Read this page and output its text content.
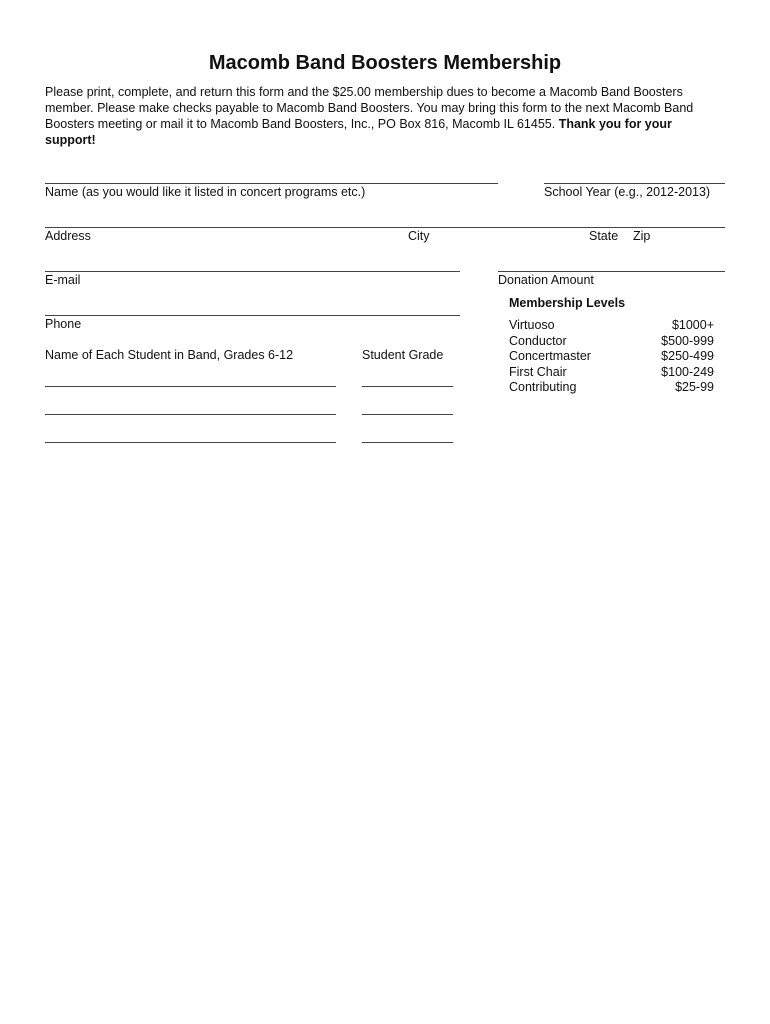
Macomb Band Boosters Membership

Please print, complete, and return this form and the $25.00 membership dues to become a Macomb Band Boosters member. Please make checks payable to Macomb Band Boosters. You may bring this form to the next Macomb Band Boosters meeting or mail it to Macomb Band Boosters, Inc., PO Box 816, Macomb IL 61455. Thank you for your support!

Name (as you would like it listed in concert programs etc.)	School Year (e.g., 2012-2013)
Address	City	State Zip
E-mail	Donation Amount
Membership Levels
Virtuoso	$1000+
Conductor	$500-999
Concertmaster	$250-499
First Chair	$100-249
Contributing	$25-99
Phone
Name of Each Student in Band, Grades 6-12	Student Grade
